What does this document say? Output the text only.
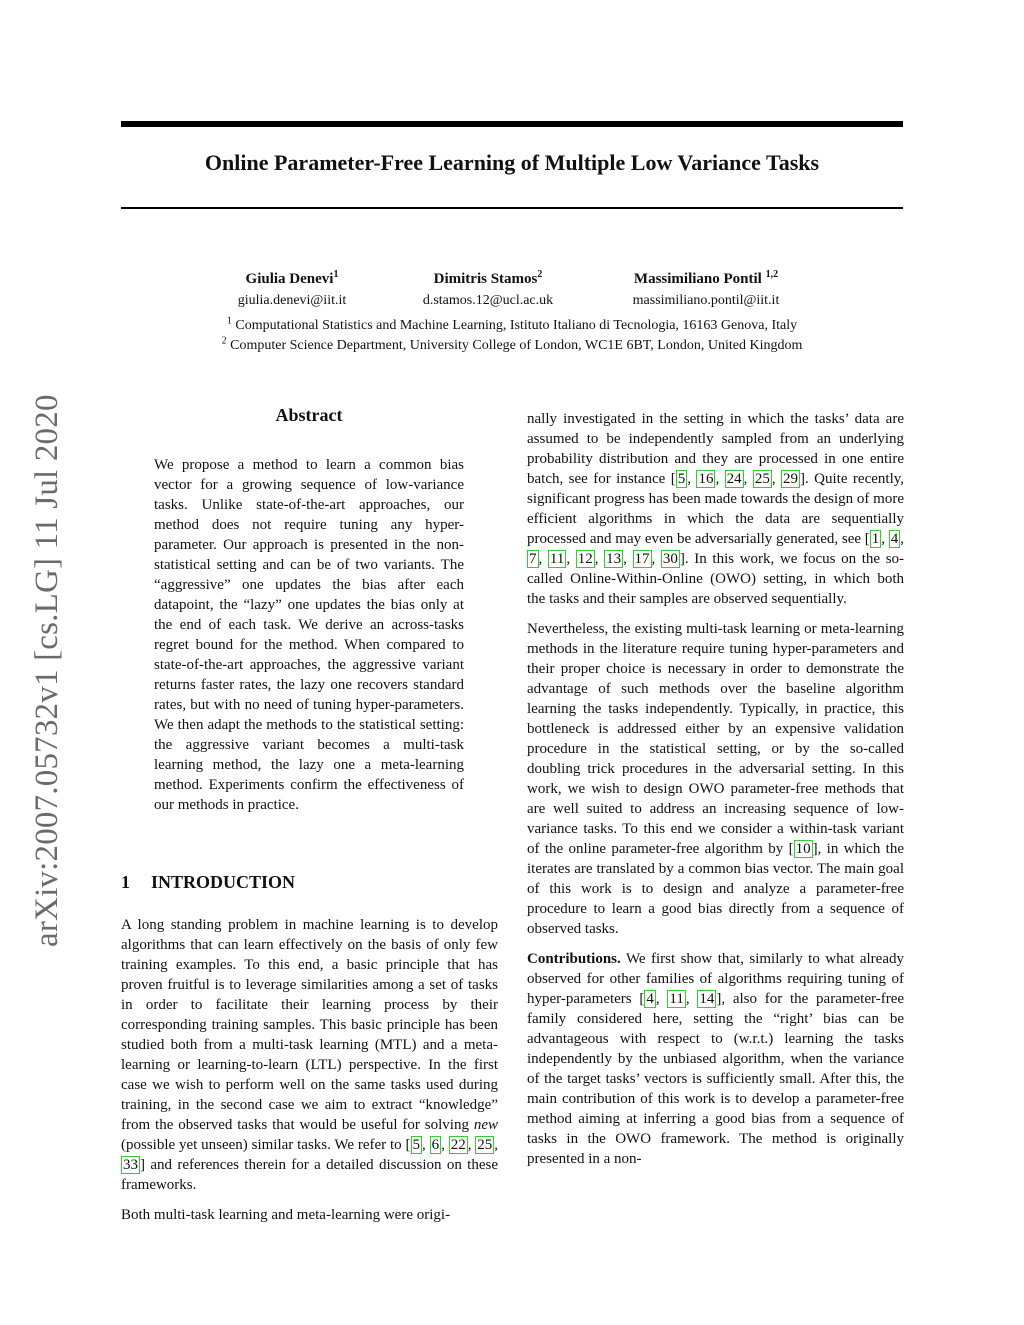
Online Parameter-Free Learning of Multiple Low Variance Tasks
arXiv:2007.05732v1 [cs.LG] 11 Jul 2020
Giulia Denevi$^1$
giulia.denevi@iit.it
Dimitris Stamos$^2$
d.stamos.12@ucl.ac.uk
Massimiliano Pontil $^{1,2}$
massimiliano.pontil@iit.it
$^1$ Computational Statistics and Machine Learning, Istituto Italiano di Tecnologia, 16163 Genova, Italy
$^2$ Computer Science Department, University College of London, WC1E 6BT, London, United Kingdom
Abstract

We propose a method to learn a common bias vector for a growing sequence of low-variance tasks. Unlike state-of-the-art approaches, our method does not require tuning any hyper-parameter. Our approach is presented in the non-statistical setting and can be of two variants. The “aggressive” one updates the bias after each datapoint, the “lazy” one updates the bias only at the end of each task. We derive an across-tasks regret bound for the method. When compared to state-of-the-art approaches, the aggressive variant returns faster rates, the lazy one recovers standard rates, but with no need of tuning hyper-parameters. We then adapt the methods to the statistical setting: the aggressive variant becomes a multi-task learning method, the lazy one a meta-learning method. Experiments confirm the effectiveness of our methods in practice.

1 INTRODUCTION

A long standing problem in machine learning is to develop algorithms that can learn effectively on the basis of only few training examples. To this end, a basic principle that has proven fruitful is to leverage similarities among a set of tasks in order to facilitate their learning process by their corresponding training samples. This basic principle has been studied both from a multi-task learning (MTL) and a meta-learning or learning-to-learn (LTL) perspective. In the first case we wish to perform well on the same tasks used during training, in the second case we aim to extract “knowledge” from the observed tasks that would be useful for solving new (possible yet unseen) similar tasks. We refer to [ 5 , 6 , 22 , 25 , 33 ] and references therein for a detailed discussion on these frameworks.

Both multi-task learning and meta-learning were origi-

nally investigated in the setting in which the tasks’ data are assumed to be independently sampled from an underlying probability distribution and they are processed in one entire batch, see for instance [ 5 , 16 , 24 , 25 , 29 ]. Quite recently, significant progress has been made towards the design of more efficient algorithms in which the data are sequentially processed and may even be adversarially generated, see [ 1 , 4 , 7 , 11 , 12 , 13 , 17 , 30 ]. In this work, we focus on the so-called Online-Within-Online (OWO) setting, in which both the tasks and their samples are observed sequentially.

Nevertheless, the existing multi-task learning or meta-learning methods in the literature require tuning hyper-parameters and their proper choice is necessary in order to demonstrate the advantage of such methods over the baseline algorithm learning the tasks independently. Typically, in practice, this bottleneck is addressed either by an expensive validation procedure in the statistical setting, or by the so-called doubling trick procedures in the adversarial setting. In this work, we wish to design OWO parameter-free methods that are well suited to address an increasing sequence of low-variance tasks. To this end we consider a within-task variant of the online parameter-free algorithm by [ 10 ], in which the iterates are translated by a common bias vector. The main goal of this work is to design and analyze a parameter-free procedure to learn a good bias directly from a sequence of observed tasks.

Contributions. We first show that, similarly to what already observed for other families of algorithms requiring tuning of hyper-parameters [ 4 , 11 , 14 ], also for the parameter-free family considered here, setting the “right’ bias can be advantageous with respect to (w.r.t.) learning the tasks independently by the unbiased algorithm, when the variance of the target tasks’ vectors is sufficiently small. After this, the main contribution of this work is to develop a parameter-free method aiming at inferring a good bias from a sequence of tasks in the OWO framework. The method is originally presented in a non-
